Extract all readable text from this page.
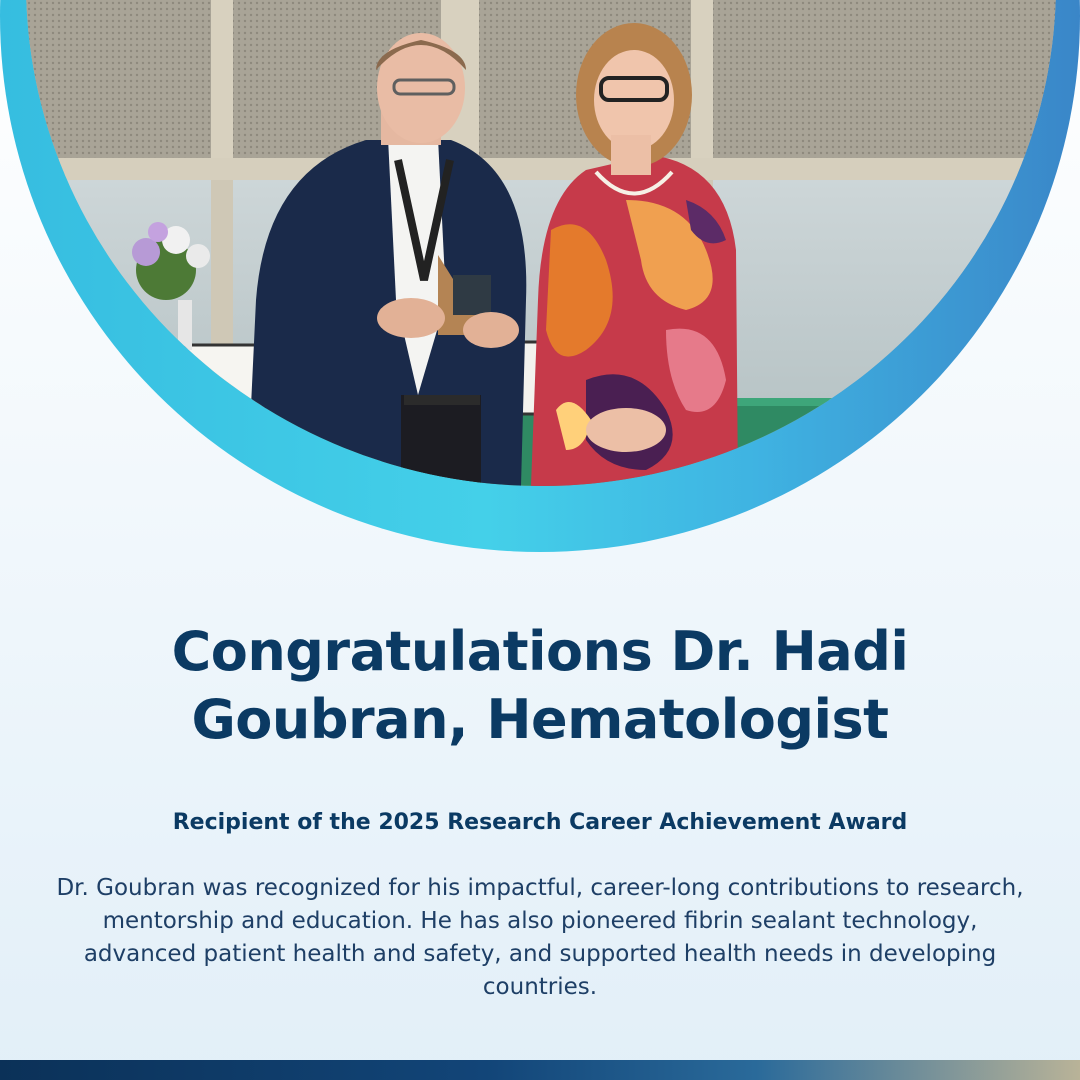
Congratulations Dr. Hadi Goubran, Hematologist
Recipient of the 2025 Research Career Achievement Award

Dr. Goubran was recognized for his impactful, career-long contributions to research, mentorship and education. He has also pioneered fibrin sealant technology, advanced patient health and safety, and supported health needs in developing countries.
